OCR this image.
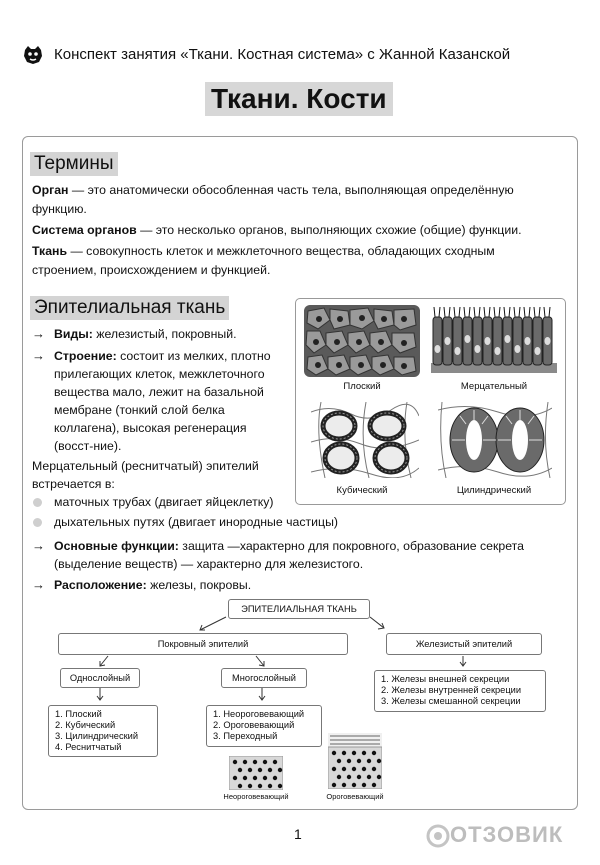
Конспект занятия «Ткани. Костная система» с Жанной Казанской
Ткани. Кости
Термины
Орган — это анатомически обособленная часть тела, выполняющая определённую функцию.
Система органов — это несколько органов, выполняющих схожие (общие) функции.
Ткань — совокупность клеток и межклеточного вещества, обладающих сходным строением, происхождением и функцией.
Эпителиальная ткань
→ Виды: железистый, покровный.
→ Строение: состоит из мелких, плотно
прилегающих клеток, межклеточного
вещества мало, лежит на базальной
мембране (тонкий слой белка
коллагена), высокая регенерация
(восст-ние).
Мерцательный (реснитчатый) эпителий
встречается в:
маточных трубах (двигает яйцеклетку)
дыхательных путях (двигает инородные частицы)
→ Основные функции: защита —характерно для покровного, образование секрета
(выделение веществ) — характерно для железистого.
→ Расположение: железы, покровы.
Плоский	Мерцательный
Кубический	Цилиндрический
ЭПИТЕЛИАЛЬНАЯ ТКАНЬ
Покровный эпителий	Железистый эпителий
Однослойный	Многослойный
1. Плоский
2. Кубический
3. Цилиндрический
4. Реснитчатый
1. Неороговевающий
2. Ороговевающий
3. Переходный
1. Железы внешней секреции
2. Железы внутренней секреции
3. Железы смешанной секреции
Неороговевающий	Ороговевающий
1	ОТЗОВИК
